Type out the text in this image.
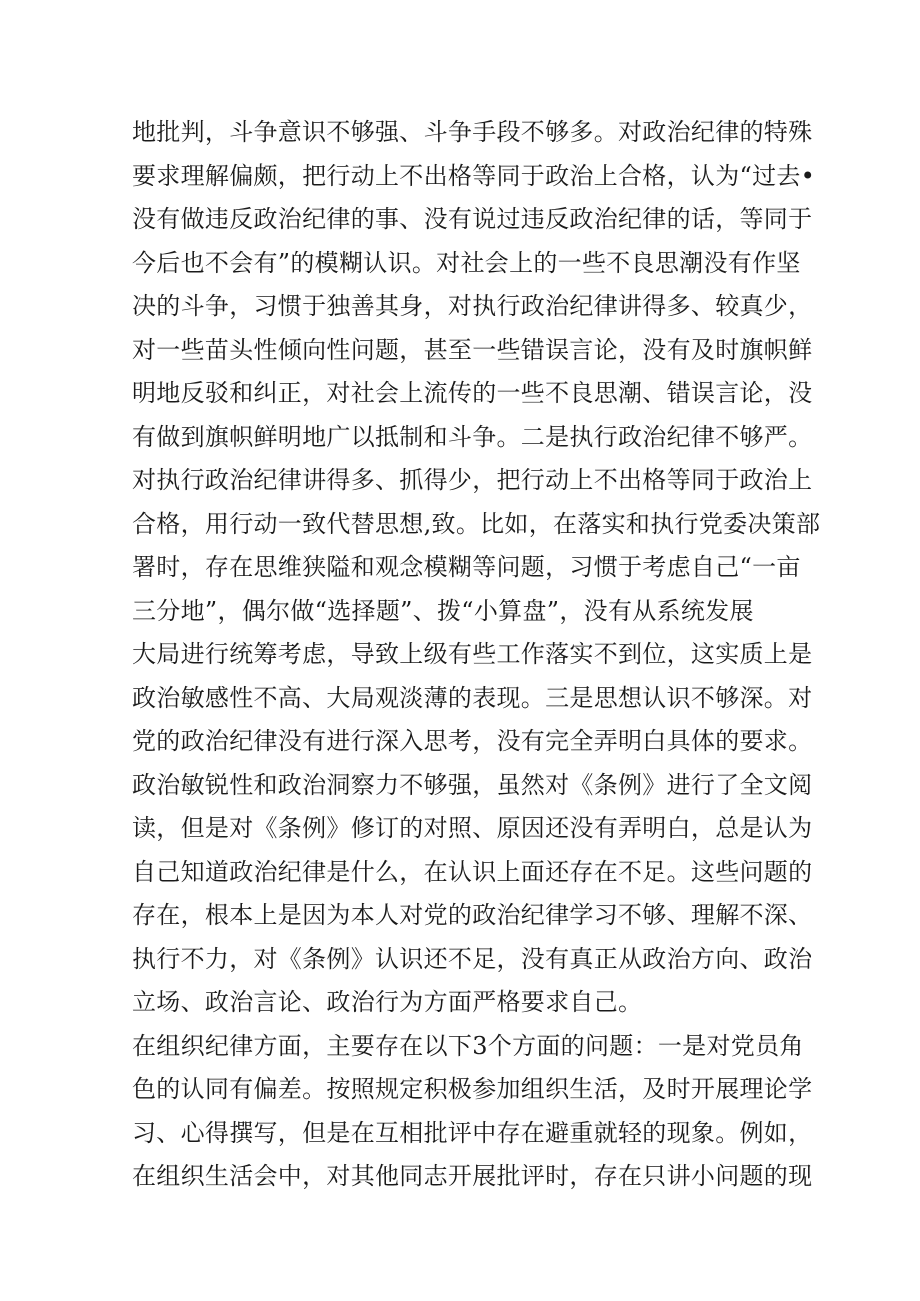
地批判，斗争意识不够强、斗争手段不够多。对政治纪律的特殊
要求理解偏颇，把行动上不出格等同于政治上合格，认为“过去•
没有做违反政治纪律的事、没有说过违反政治纪律的话，等同于
今后也不会有”的模糊认识。对社会上的一些不良思潮没有作坚
决的斗争，习惯于独善其身，对执行政治纪律讲得多、较真少，
对一些苗头性倾向性问题，甚至一些错误言论，没有及时旗帜鲜
明地反驳和纠正，对社会上流传的一些不良思潮、错误言论，没
有做到旗帜鲜明地广以抵制和斗争。二是执行政治纪律不够严。
对执行政治纪律讲得多、抓得少，把行动上不出格等同于政治上
合格，用行动一致代替思想,致。比如，在落实和执行党委决策部
署时，存在思维狭隘和观念模糊等问题，习惯于考虑自己“一亩
三分地”，偶尔做“选择题”、拨“小算盘”，没有从系统发展
大局进行统筹考虑，导致上级有些工作落实不到位，这实质上是
政治敏感性不高、大局观淡薄的表现。三是思想认识不够深。对
党的政治纪律没有进行深入思考，没有完全弄明白具体的要求。
政治敏锐性和政治洞察力不够强，虽然对《条例》进行了全文阅
读，但是对《条例》修订的对照、原因还没有弄明白，总是认为
自己知道政治纪律是什么，在认识上面还存在不足。这些问题的
存在，根本上是因为本人对党的政治纪律学习不够、理解不深、
执行不力，对《条例》认识还不足，没有真正从政治方向、政治
立场、政治言论、政治行为方面严格要求自己。
在组织纪律方面，主要存在以下3个方面的问题：一是对党员角
色的认同有偏差。按照规定积极参加组织生活，及时开展理论学
习、心得撰写，但是在互相批评中存在避重就轻的现象。例如，
在组织生活会中，对其他同志开展批评时，存在只讲小问题的现
